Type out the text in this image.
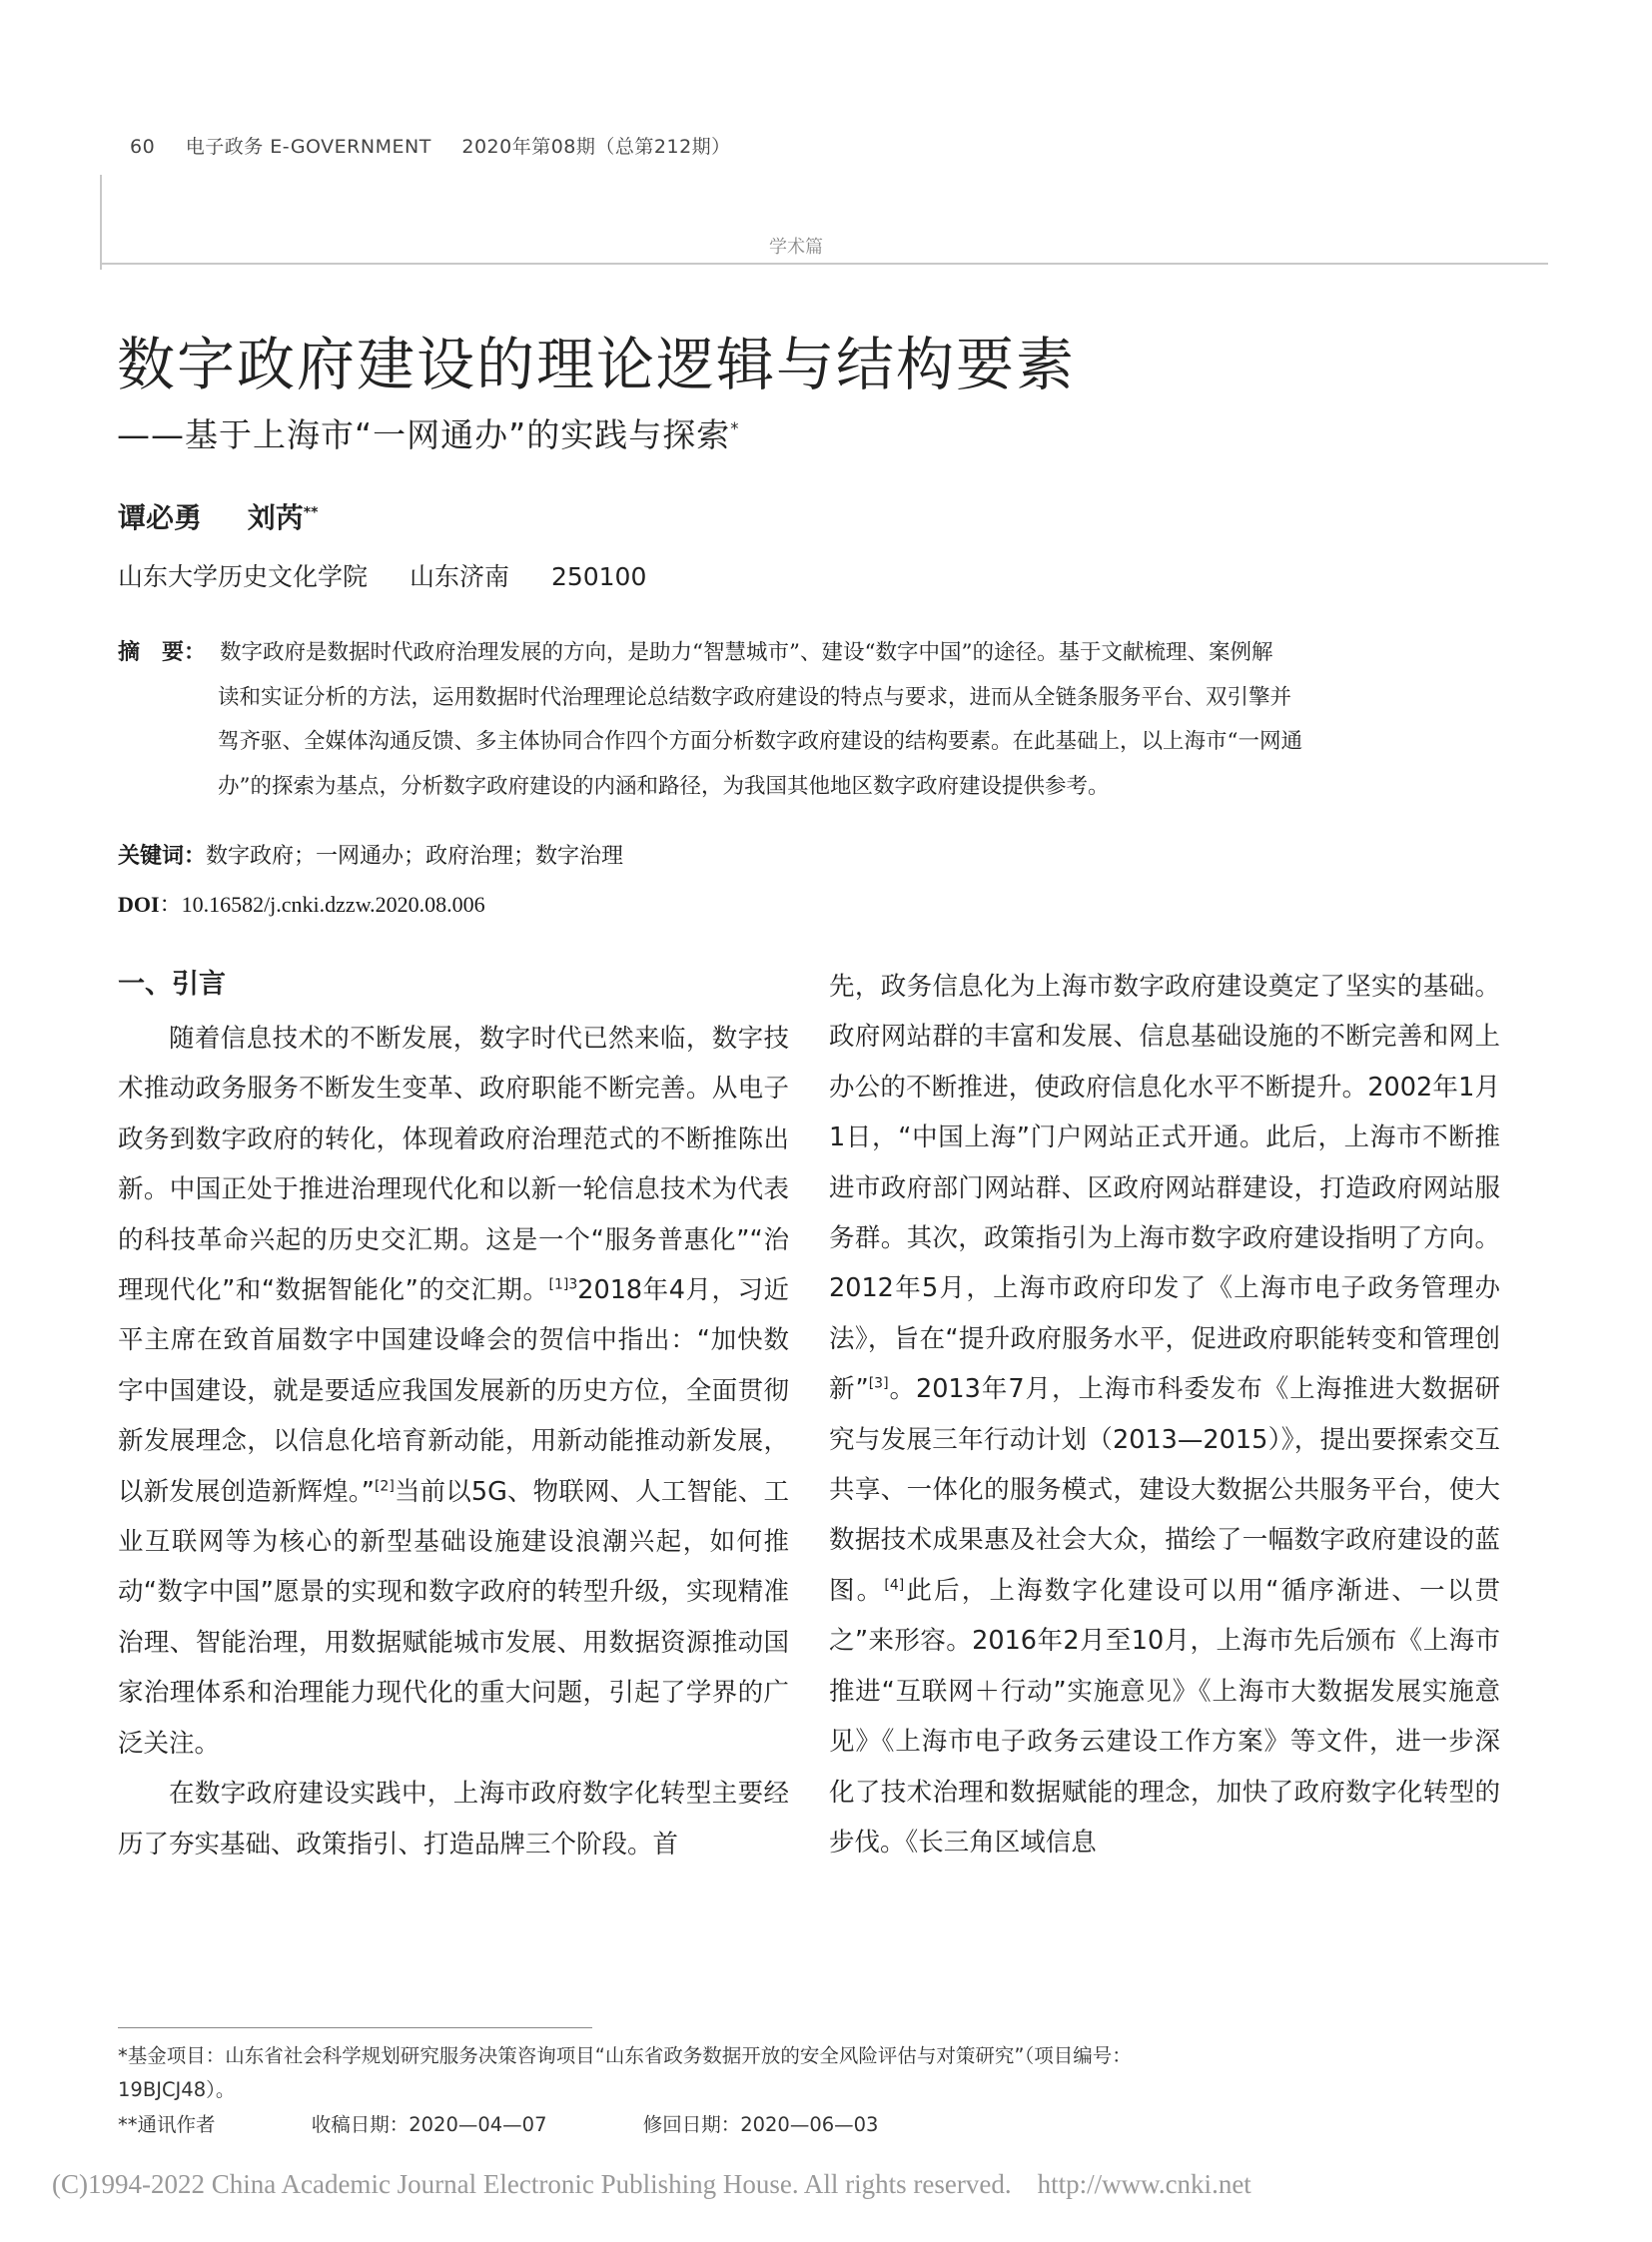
60 电子政务 E-GOVERNMENT 2020年第08期（总第212期）
学术篇
数字政府建设的理论逻辑与结构要素
——基于上海市“一网通办”的实践与探索*
谭必勇 刘芮**
山东大学历史文化学院 山东济南 250100
摘　要： 数字政府是数据时代政府治理发展的方向，是助力“智慧城市”、建设“数字中国”的途径。基于文献梳理、案例解
读和实证分析的方法，运用数据时代治理理论总结数字政府建设的特点与要求，进而从全链条服务平台、双引擎并
驾齐驱、全媒体沟通反馈、多主体协同合作四个方面分析数字政府建设的结构要素。在此基础上，以上海市“一网通
办”的探索为基点，分析数字政府建设的内涵和路径，为我国其他地区数字政府建设提供参考。
关键词：数字政府；一网通办；政府治理；数字治理
DOI：10.16582/j.cnki.dzzw.2020.08.006
一、引言

随着信息技术的不断发展，数字时代已然来临，数字技术推动政务服务不断发生变革、政府职能不断完善。从电子政务到数字政府的转化，体现着政府治理范式的不断推陈出新。中国正处于推进治理现代化和以新一轮信息技术为代表的科技革命兴起的历史交汇期。这是一个“服务普惠化”“治理现代化”和“数据智能化”的交汇期。$^{[1]3}$2018年4月，习近平主席在致首届数字中国建设峰会的贺信中指出：“加快数字中国建设，就是要适应我国发展新的历史方位，全面贯彻新发展理念，以信息化培育新动能，用新动能推动新发展，以新发展创造新辉煌。”[2]当前以5G、物联网、人工智能、工业互联网等为核心的新型基础设施建设浪潮兴起，如何推动“数字中国”愿景的实现和数字政府的转型升级，实现精准治理、智能治理，用数据赋能城市发展、用数据资源推动国家治理体系和治理能力现代化的重大问题，引起了学界的广泛关注。

在数字政府建设实践中，上海市政府数字化转型主要经历了夯实基础、政策指引、打造品牌三个阶段。首

先，政务信息化为上海市数字政府建设奠定了坚实的基础。政府网站群的丰富和发展、信息基础设施的不断完善和网上办公的不断推进，使政府信息化水平不断提升。2002年1月1日，“中国上海”门户网站正式开通。此后，上海市不断推进市政府部门网站群、区政府网站群建设，打造政府网站服务群。其次，政策指引为上海市数字政府建设指明了方向。2012年5月，上海市政府印发了《上海市电子政务管理办法》，旨在“提升政府服务水平，促进政府职能转变和管理创新”[3]。2013年7月，上海市科委发布《上海推进大数据研究与发展三年行动计划（2013—2015）》，提出要探索交互共享、一体化的服务模式，建设大数据公共服务平台，使大数据技术成果惠及社会大众，描绘了一幅数字政府建设的蓝图。[4]此后，上海数字化建设可以用“循序渐进、一以贯之”来形容。2016年2月至10月，上海市先后颁布《上海市推进“互联网＋行动”实施意见》《上海市大数据发展实施意见》《上海市电子政务云建设工作方案》等文件，进一步深化了技术治理和数据赋能的理念，加快了政府数字化转型的步伐。《长三角区域信息

*基金项目：山东省社会科学规划研究服务决策咨询项目“山东省政务数据开放的安全风险评估与对策研究”（项目编号：
19BJCJ48）。
**通讯作者	收稿日期：2020—04—07	修回日期：2020—06—03
(C)1994-2022 China Academic Journal Electronic Publishing House. All rights reserved. http://www.cnki.net
